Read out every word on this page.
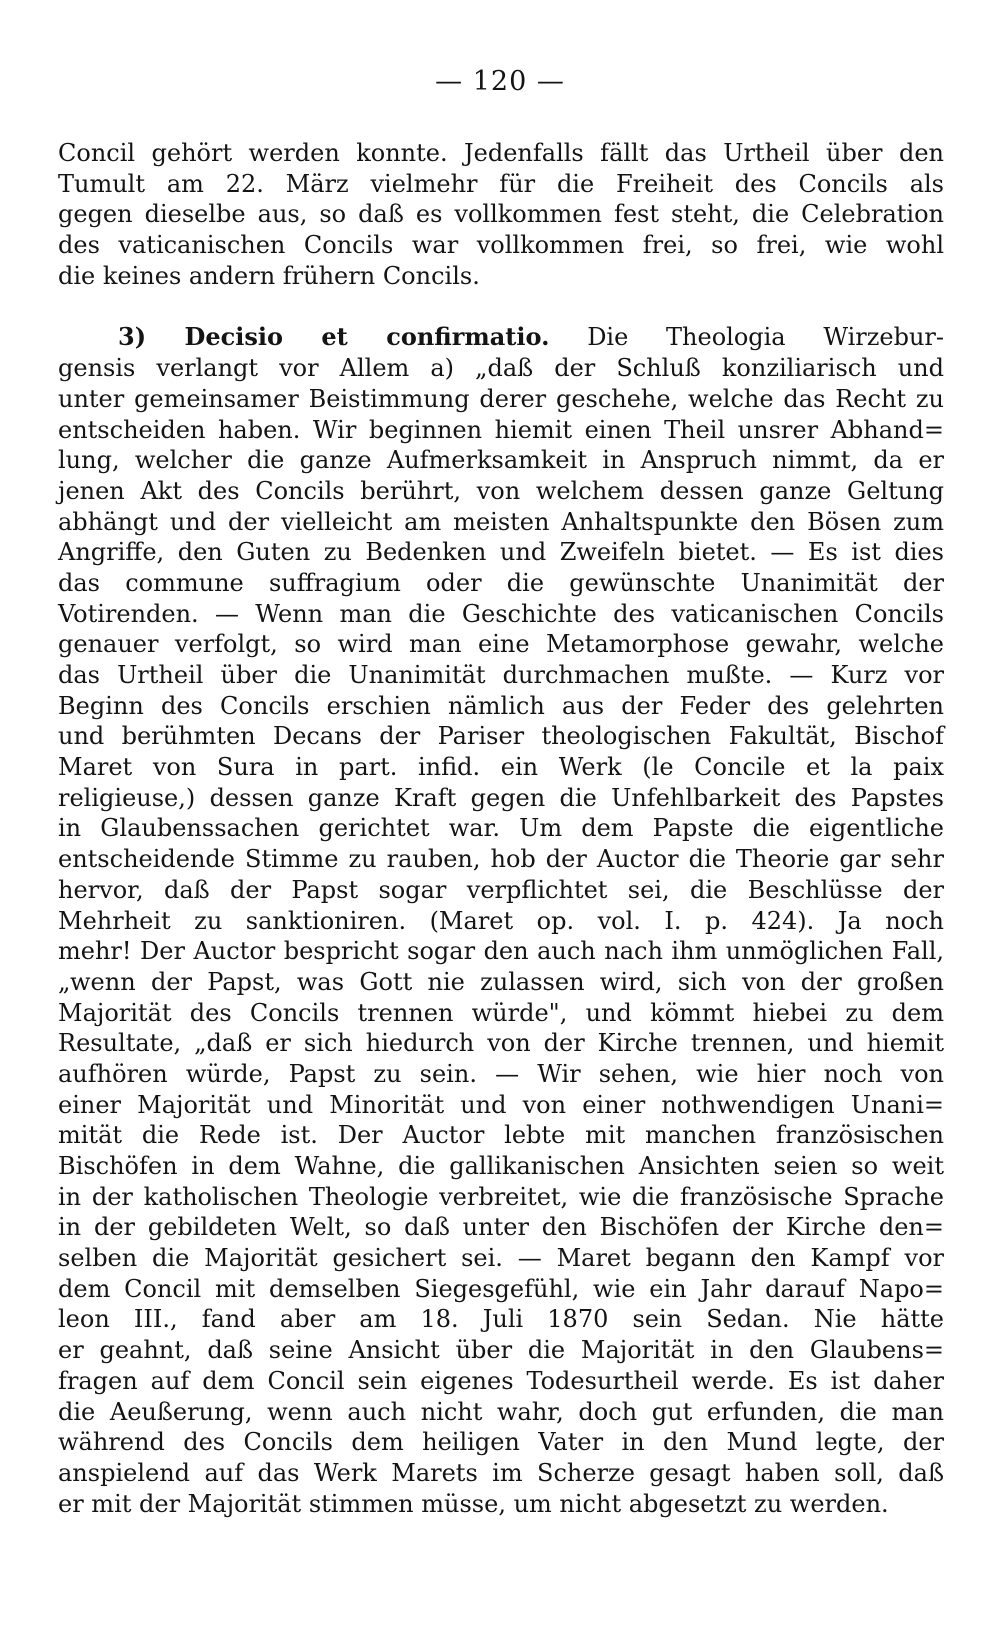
— 120 —
Concil gehört werden konnte. Jedenfalls fällt das Urtheil über den
Tumult am 22. März vielmehr für die Freiheit des Concils als
gegen dieselbe aus, so daß es vollkommen fest steht, die Celebration
des vaticanischen Concils war vollkommen frei, so frei, wie wohl
die keines andern frühern Concils.
3) Decisio et confirmatio. Die Theologia Wirzebur-
gensis verlangt vor Allem a) „daß der Schluß konziliarisch und
unter gemeinsamer Beistimmung derer geschehe, welche das Recht zu
entscheiden haben. Wir beginnen hiemit einen Theil unsrer Abhand=
lung, welcher die ganze Aufmerksamkeit in Anspruch nimmt, da er
jenen Akt des Concils berührt, von welchem dessen ganze Geltung
abhängt und der vielleicht am meisten Anhaltspunkte den Bösen zum
Angriffe, den Guten zu Bedenken und Zweifeln bietet. — Es ist dies
das commune suffragium oder die gewünschte Unanimität der
Votirenden. — Wenn man die Geschichte des vaticanischen Concils
genauer verfolgt, so wird man eine Metamorphose gewahr, welche
das Urtheil über die Unanimität durchmachen mußte. — Kurz vor
Beginn des Concils erschien nämlich aus der Feder des gelehrten
und berühmten Decans der Pariser theologischen Fakultät, Bischof
Maret von Sura in part. infid. ein Werk (le Concile et la paix
religieuse,) dessen ganze Kraft gegen die Unfehlbarkeit des Papstes
in Glaubenssachen gerichtet war. Um dem Papste die eigentliche
entscheidende Stimme zu rauben, hob der Auctor die Theorie gar sehr
hervor, daß der Papst sogar verpflichtet sei, die Beschlüsse der
Mehrheit zu sanktioniren. (Maret op. vol. I. p. 424). Ja noch
mehr! Der Auctor bespricht sogar den auch nach ihm unmöglichen Fall,
„wenn der Papst, was Gott nie zulassen wird, sich von der großen
Majorität des Concils trennen würde", und kömmt hiebei zu dem
Resultate, „daß er sich hiedurch von der Kirche trennen, und hiemit
aufhören würde, Papst zu sein. — Wir sehen, wie hier noch von
einer Majorität und Minorität und von einer nothwendigen Unani=
mität die Rede ist. Der Auctor lebte mit manchen französischen
Bischöfen in dem Wahne, die gallikanischen Ansichten seien so weit
in der katholischen Theologie verbreitet, wie die französische Sprache
in der gebildeten Welt, so daß unter den Bischöfen der Kirche den=
selben die Majorität gesichert sei. — Maret begann den Kampf vor
dem Concil mit demselben Siegesgefühl, wie ein Jahr darauf Napo=
leon III., fand aber am 18. Juli 1870 sein Sedan. Nie hätte
er geahnt, daß seine Ansicht über die Majorität in den Glaubens=
fragen auf dem Concil sein eigenes Todesurtheil werde. Es ist daher
die Aeußerung, wenn auch nicht wahr, doch gut erfunden, die man
während des Concils dem heiligen Vater in den Mund legte, der
anspielend auf das Werk Marets im Scherze gesagt haben soll, daß
er mit der Majorität stimmen müsse, um nicht abgesetzt zu werden.
